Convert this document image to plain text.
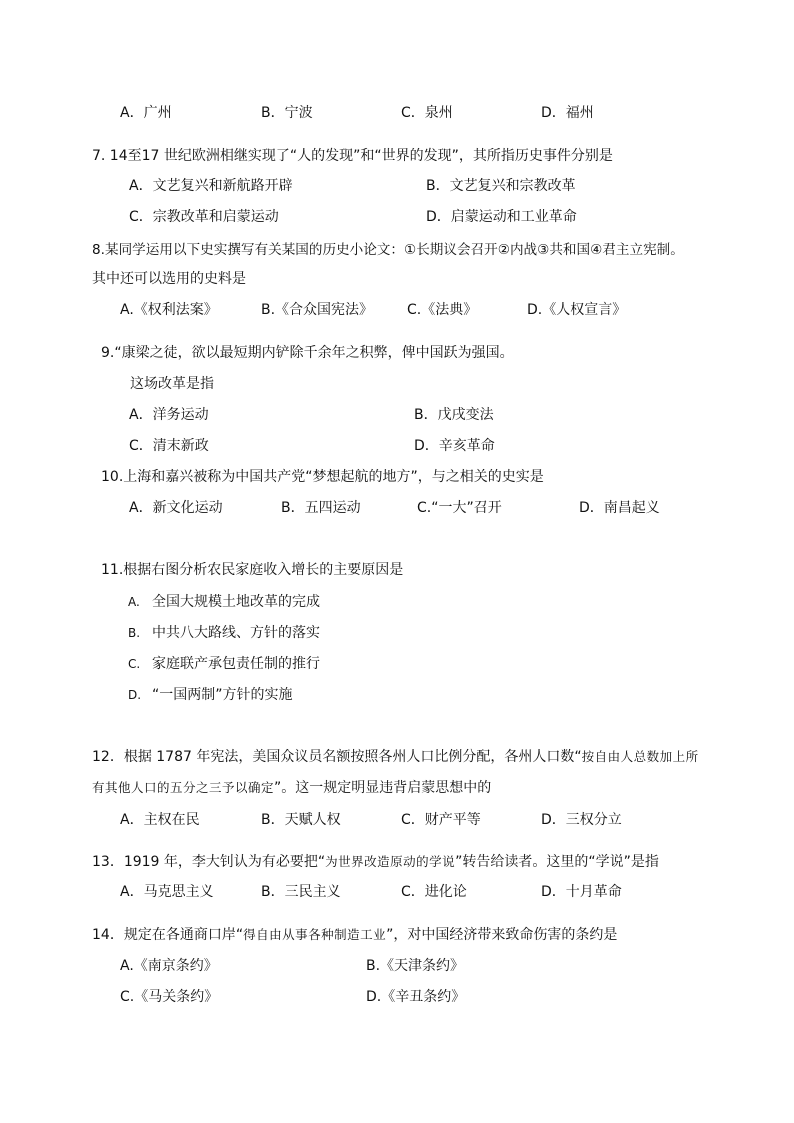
A．广州	B．宁波	C．泉州	D．福州
7. 14至17 世纪欧洲相继实现了“人的发现”和“世界的发现”，其所指历史事件分别是
A．文艺复兴和新航路开辟	B．文艺复兴和宗教改革
C．宗教改革和启蒙运动	D．启蒙运动和工业革命
8.某同学运用以下史实撰写有关某国的历史小论文：①长期议会召开②内战③共和国④君主立宪制。
其中还可以选用的史料是
A.《权利法案》	B.《合众国宪法》 C.《法典》	D.《人权宣言》
9.“康梁之徒，欲以最短期内铲除千余年之积弊，俾中国跃为强国。
这场改革是指
A．洋务运动	B．戊戌变法
C．清末新政	D．辛亥革命
10.上海和嘉兴被称为中国共产党“梦想起航的地方”，与之相关的史实是
A．新文化运动	B．五四运动	C.“一大”召开	D．南昌起义
11.根据右图分析农民家庭收入增长的主要原因是
A. 全国大规模土地改革的完成
B. 中共八大路线、方针的落实
C. 家庭联产承包责任制的推行
D. “一国两制”方针的实施
12．根据 1787 年宪法，美国众议员名额按照各州人口比例分配，各州人口数“按自由人总数加上所
有其他人口的五分之三予以确定”。这一规定明显违背启蒙思想中的
A．主权在民	B．天赋人权	C．财产平等	D．三权分立
13．1919 年，李大钊认为有必要把“为世界改造原动的学说”转告给读者。这里的“学说”是指
A．马克思主义	B．三民主义	C．进化论	D．十月革命
14．规定在各通商口岸“得自由从事各种制造工业”，对中国经济带来致命伤害的条约是
A.《南京条约》	B.《天津条约》
C.《马关条约》	D.《辛丑条约》
